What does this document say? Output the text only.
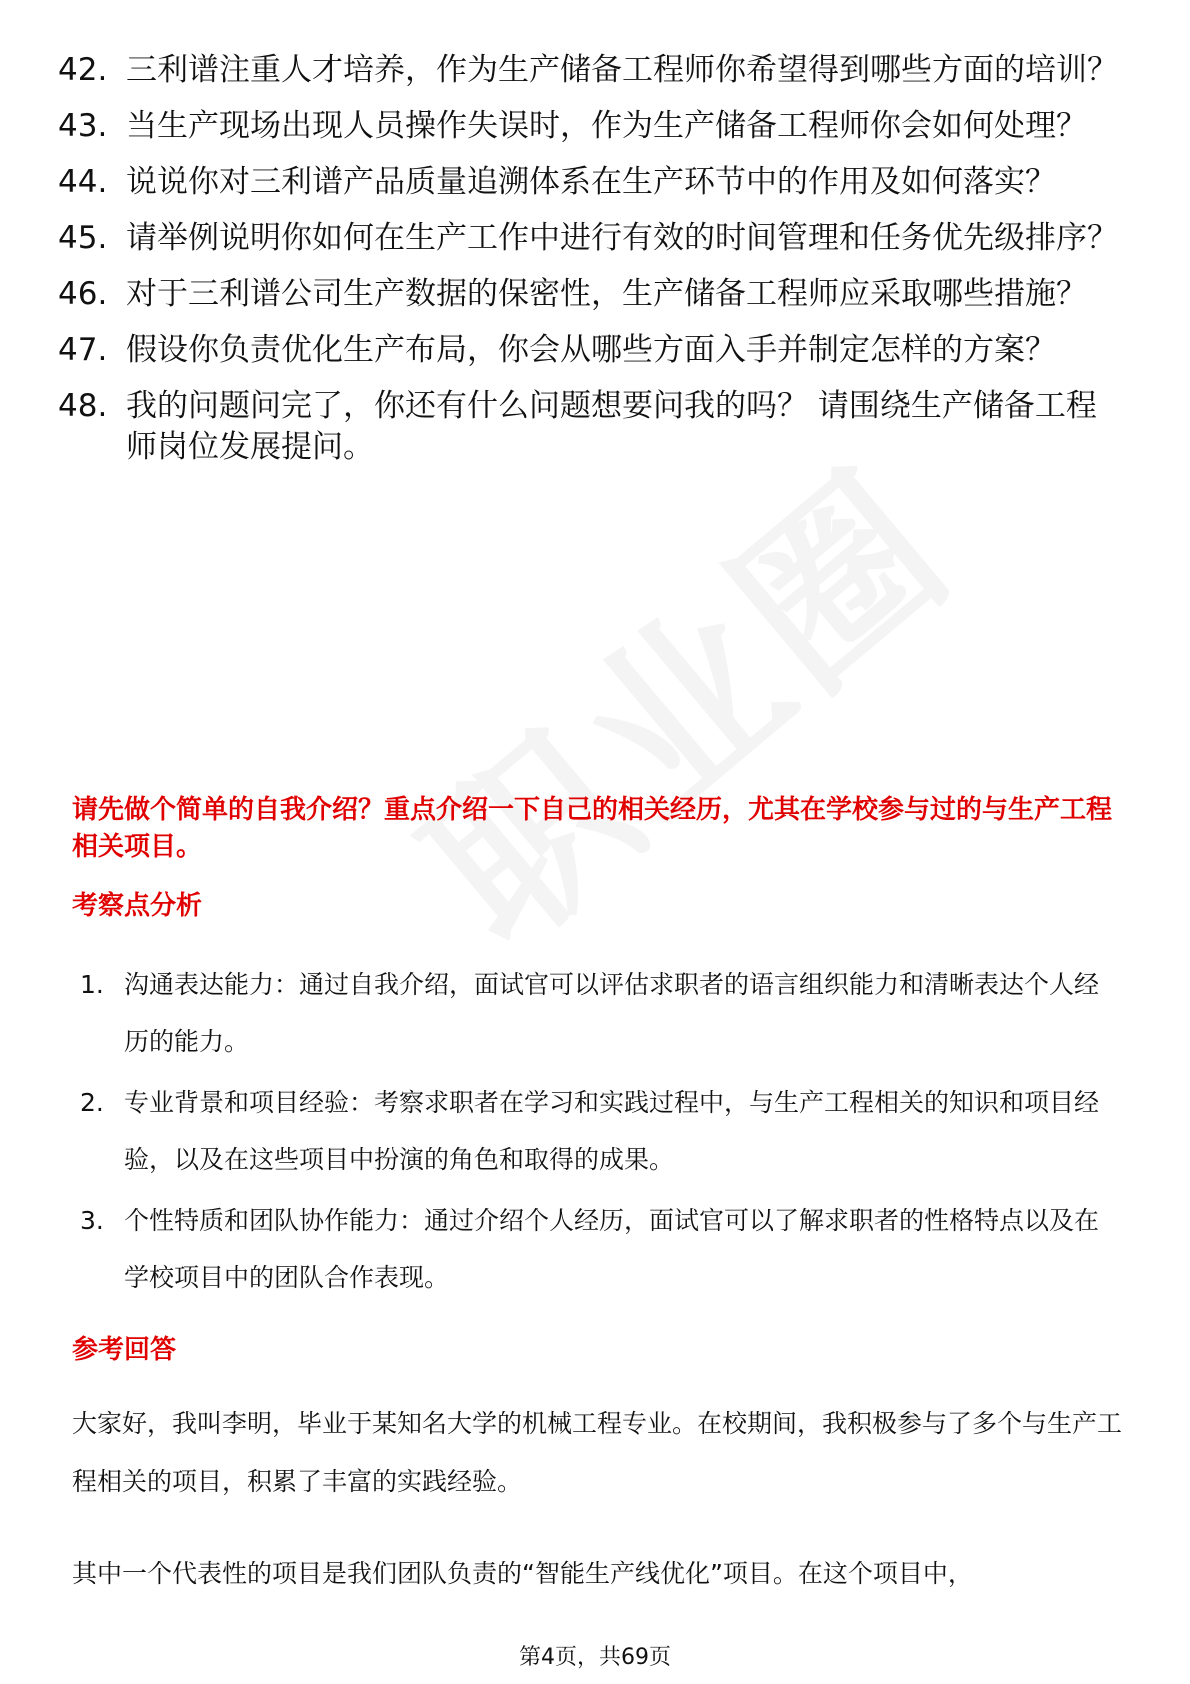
42. 三利谱注重人才培养，作为生产储备工程师你希望得到哪些方面的培训？
43. 当生产现场出现人员操作失误时，作为生产储备工程师你会如何处理？
44. 说说你对三利谱产品质量追溯体系在生产环节中的作用及如何落实？
45. 请举例说明你如何在生产工作中进行有效的时间管理和任务优先级排序？
46. 对于三利谱公司生产数据的保密性，生产储备工程师应采取哪些措施？
47. 假设你负责优化生产布局，你会从哪些方面入手并制定怎样的方案？
48. 我的问题问完了，你还有什么问题想要问我的吗？ 请围绕生产储备工程师岗位发展提问。
请先做个简单的自我介绍？重点介绍一下自己的相关经历，尤其在学校参与过的与生产工程相关项目。
考察点分析
1. 沟通表达能力：通过自我介绍，面试官可以评估求职者的语言组织能力和清晰表达个人经历的能力。
2. 专业背景和项目经验：考察求职者在学习和实践过程中，与生产工程相关的知识和项目经验，以及在这些项目中扮演的角色和取得的成果。
3. 个性特质和团队协作能力：通过介绍个人经历，面试官可以了解求职者的性格特点以及在学校项目中的团队合作表现。
参考回答

大家好，我叫李明，毕业于某知名大学的机械工程专业。在校期间，我积极参与了多个与生产工程相关的项目，积累了丰富的实践经验。

其中一个代表性的项目是我们团队负责的“智能生产线优化”项目。在这个项目中，

第4页，共69页
